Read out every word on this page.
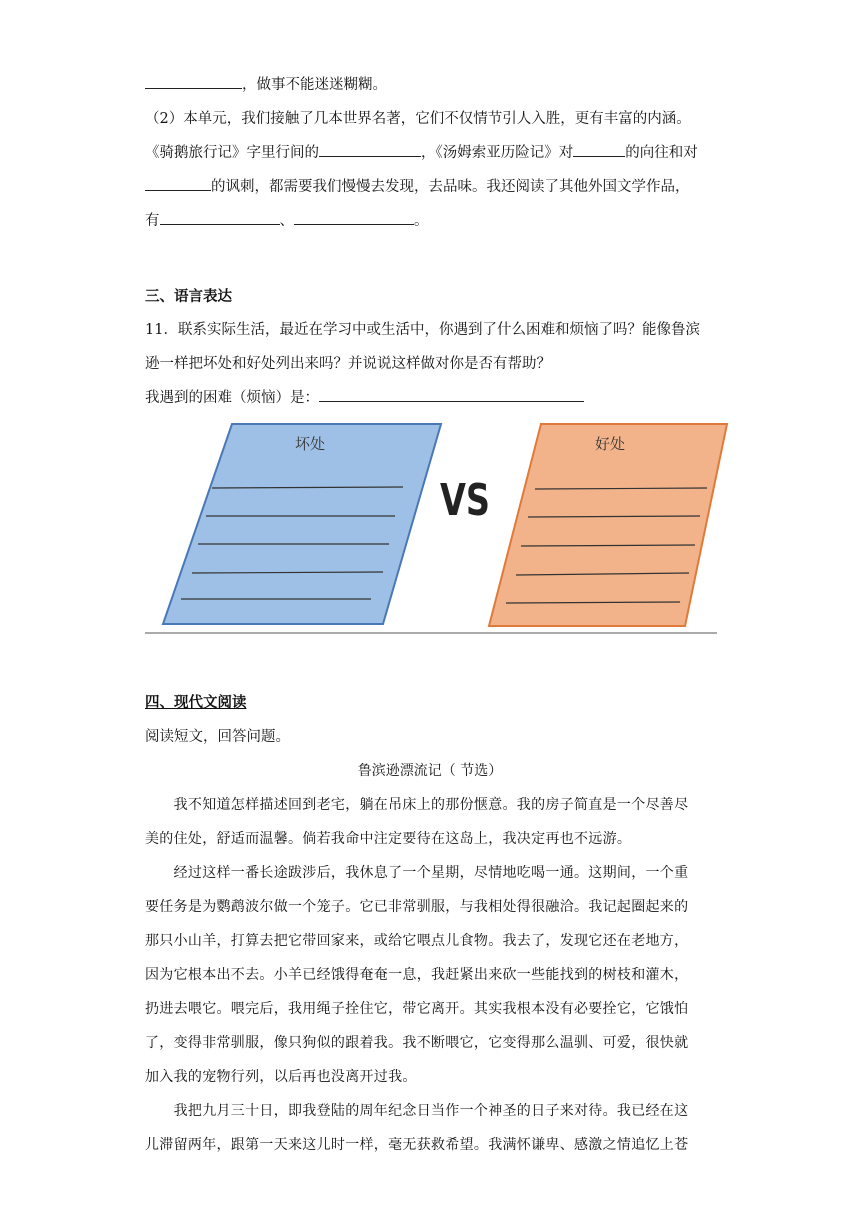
，做事不能迷迷糊糊。
（2）本单元，我们接触了几本世界名著，它们不仅情节引人入胜，更有丰富的内涵。
《骑鹅旅行记》字里行间的	，《汤姆索亚历险记》对	的向往和对
的讽刺，都需要我们慢慢去发现，去品味。我还阅读了其他外国文学作品，
有	、	。
三、语言表达
11．联系实际生活，最近在学习中或生活中，你遇到了什么困难和烦恼了吗？能像鲁滨
逊一样把坏处和好处列出来吗？并说说这样做对你是否有帮助？
我遇到的困难（烦恼）是：
坏处
VS
好处
四、现代文阅读
阅读短文，回答问题。
鲁滨逊漂流记（ 节选）
　　我不知道怎样描述回到老宅，躺在吊床上的那份惬意。我的房子简直是一个尽善尽
美的住处，舒适而温馨。倘若我命中注定要待在这岛上，我决定再也不远游。
　　经过这样一番长途跋涉后，我休息了一个星期，尽情地吃喝一通。这期间，一个重
要任务是为鹦鹉波尔做一个笼子。它已非常驯服，与我相处得很融洽。我记起圈起来的
那只小山羊，打算去把它带回家来，或给它喂点儿食物。我去了，发现它还在老地方，
因为它根本出不去。小羊已经饿得奄奄一息，我赶紧出来砍一些能找到的树枝和灌木，
扔进去喂它。喂完后，我用绳子拴住它，带它离开。其实我根本没有必要拴它，它饿怕
了，变得非常驯服，像只狗似的跟着我。我不断喂它，它变得那么温驯、可爱，很快就
加入我的宠物行列，以后再也没离开过我。
　　我把九月三十日，即我登陆的周年纪念日当作一个神圣的日子来对待。我已经在这
儿滞留两年，跟第一天来这儿时一样，毫无获救希望。我满怀谦卑、感激之情追忆上苍
